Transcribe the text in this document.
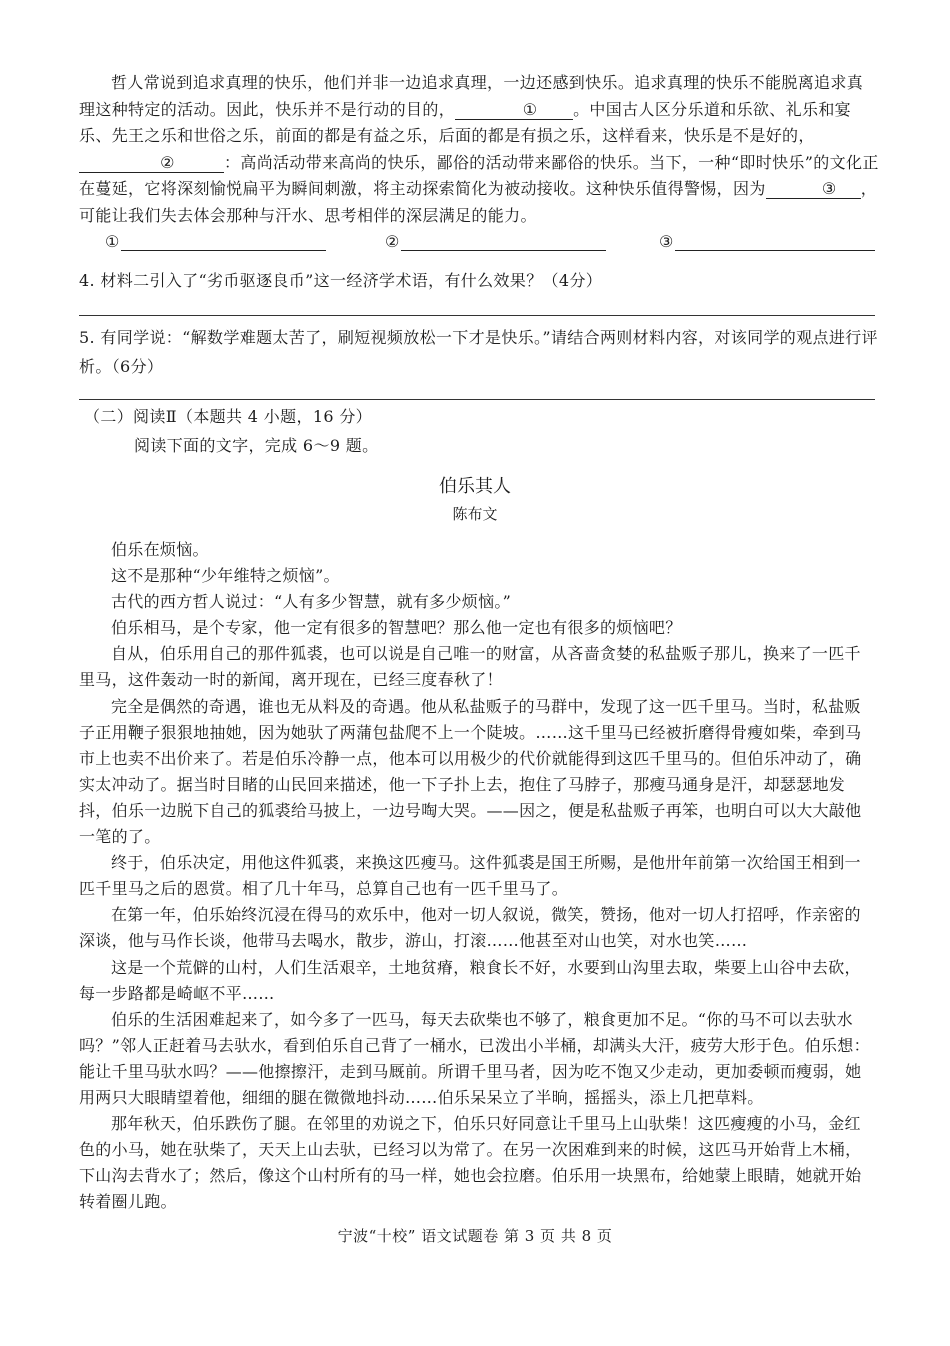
哲人常说到追求真理的快乐，他们并非一边追求真理，一边还感到快乐。追求真理的快乐不能脱离追求真理这种特定的活动。因此，快乐并不是行动的目的，	① 。中国古人区分乐道和乐欲、礼乐和宴乐、先王之乐和世俗之乐，前面的都是有益之乐，后面的都是有损之乐，这样看来，快乐是不是好的，②	：高尚活动带来高尚的快乐，鄙俗的活动带来鄙俗的快乐。当下，一种“即时快乐”的文化正在蔓延，它将深刻愉悦扁平为瞬间刺激，将主动探索简化为被动接收。这种快乐值得警惕，因为	③ ，可能让我们失去体会那种与汗水、思考相伴的深层满足的能力。
①	②	③
4. 材料二引入了“劣币驱逐良币”这一经济学术语，有什么效果？（4分）
5. 有同学说：“解数学难题太苦了，刷短视频放松一下才是快乐。”请结合两则材料内容，对该同学的观点进行评析。（6分）
（二）阅读Ⅱ（本题共 4 小题，16 分）
阅读下面的文字，完成 6～9 题。
伯乐其人
陈布文

伯乐在烦恼。

这不是那种“少年维特之烦恼”。

古代的西方哲人说过：“人有多少智慧，就有多少烦恼。”

伯乐相马，是个专家，他一定有很多的智慧吧？那么他一定也有很多的烦恼吧？

自从，伯乐用自己的那件狐裘，也可以说是自己唯一的财富，从吝啬贪婪的私盐贩子那儿，换来了一匹千里马，这件轰动一时的新闻，离开现在，已经三度春秋了！

完全是偶然的奇遇，谁也无从料及的奇遇。他从私盐贩子的马群中，发现了这一匹千里马。当时，私盐贩子正用鞭子狠狠地抽她，因为她驮了两蒲包盐爬不上一个陡坡。……这千里马已经被折磨得骨瘦如柴，牵到马市上也卖不出价来了。若是伯乐冷静一点，他本可以用极少的代价就能得到这匹千里马的。但伯乐冲动了，确实太冲动了。据当时目睹的山民回来描述，他一下子扑上去，抱住了马脖子，那瘦马通身是汗，却瑟瑟地发抖，伯乐一边脱下自己的狐裘给马披上，一边号啕大哭。——因之，便是私盐贩子再笨，也明白可以大大敲他一笔的了。

终于，伯乐决定，用他这件狐裘，来换这匹瘦马。这件狐裘是国王所赐，是他卅年前第一次给国王相到一匹千里马之后的恩赏。相了几十年马，总算自己也有一匹千里马了。

在第一年，伯乐始终沉浸在得马的欢乐中，他对一切人叙说，微笑，赞扬，他对一切人打招呼，作亲密的深谈，他与马作长谈，他带马去喝水，散步，游山，打滚……他甚至对山也笑，对水也笑……

这是一个荒僻的山村，人们生活艰辛，土地贫瘠，粮食长不好，水要到山沟里去取，柴要上山谷中去砍，每一步路都是崎岖不平……

伯乐的生活困难起来了，如今多了一匹马，每天去砍柴也不够了，粮食更加不足。“你的马不可以去驮水吗？”邻人正赶着马去驮水，看到伯乐自己背了一桶水，已泼出小半桶，却满头大汗，疲劳大形于色。伯乐想：能让千里马驮水吗？——他擦擦汗，走到马厩前。所谓千里马者，因为吃不饱又少走动，更加委顿而瘦弱，她用两只大眼睛望着他，细细的腿在微微地抖动……伯乐呆呆立了半晌，摇摇头，添上几把草料。

那年秋天，伯乐跌伤了腿。在邻里的劝说之下，伯乐只好同意让千里马上山驮柴！这匹瘦瘦的小马，金红色的小马，她在驮柴了，天天上山去驮，已经习以为常了。在另一次困难到来的时候，这匹马开始背上木桶，下山沟去背水了；然后，像这个山村所有的马一样，她也会拉磨。伯乐用一块黑布，给她蒙上眼睛，她就开始转着圈儿跑。

宁波“十校” 语文试题卷 第 3 页 共 8 页
